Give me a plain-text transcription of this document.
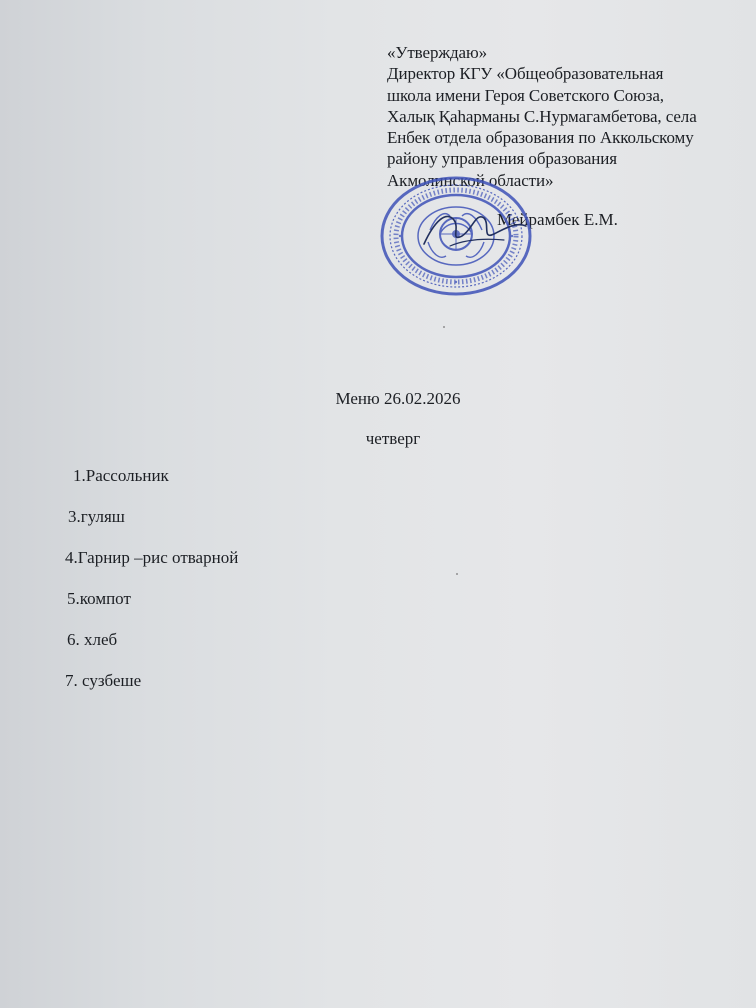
«Утверждаю»
Директор КГУ «Общеобразовательная
школа имени Героя Советского Союза,
Халық Қаһарманы С.Нурмагамбетова, села
Енбек отдела образования по Аккольскому
району управления образования
Акмолинской области»
Мейрамбек Е.М.
Меню 26.02.2026
четверг
1.Рассольник
3.гуляш
4.Гарнир –рис отварной
5.компот
6. хлеб
7. сузбеше
